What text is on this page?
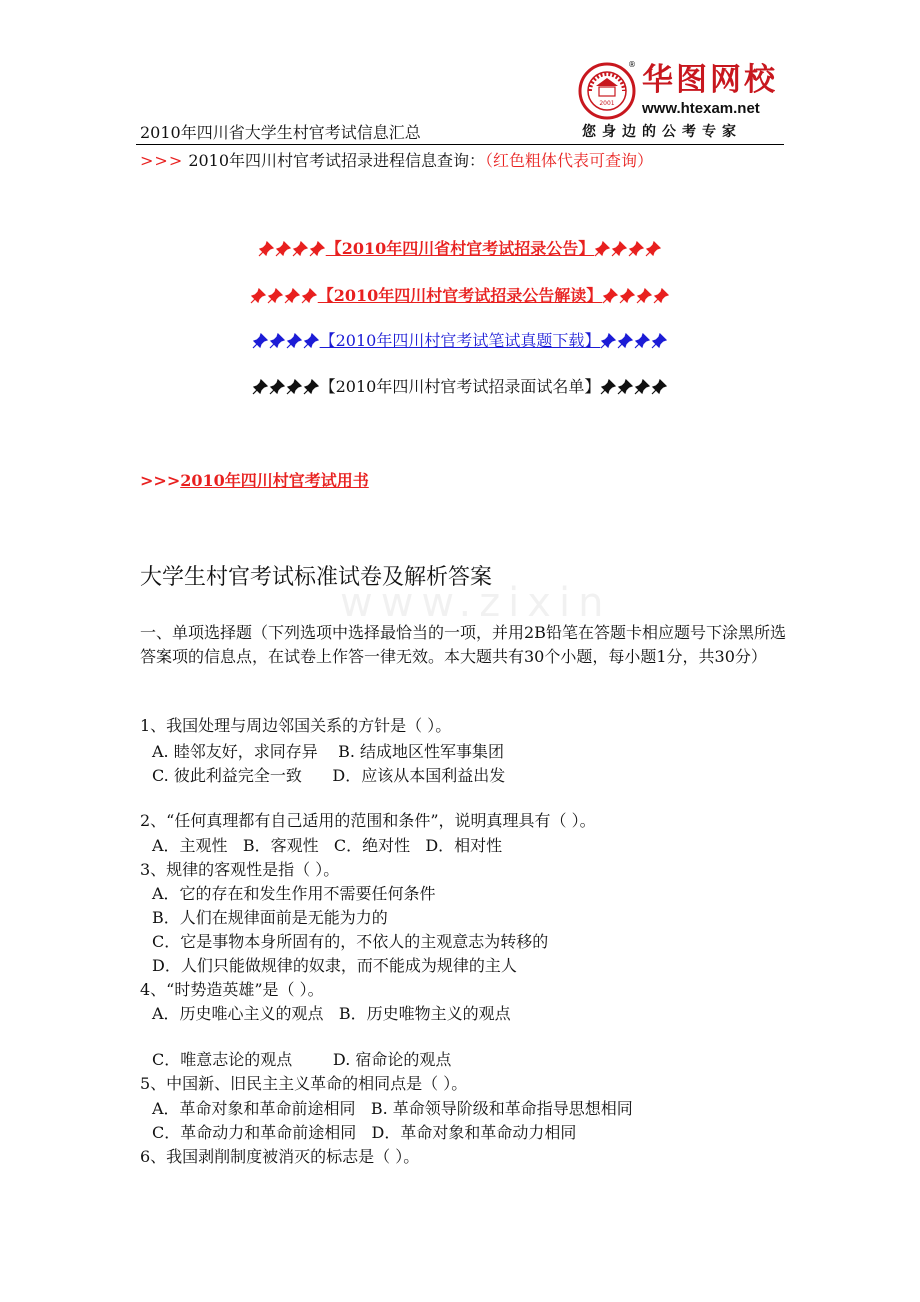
2010年四川省大学生村官考试信息汇总
2001
® 华图网校
www.htexam.net
您身边的公考专家
>>> 2010年四川村官考试招录进程信息查询：（红色粗体代表可查询）
【2010年四川省村官考试招录公告】
【2010年四川村官考试招录公告解读】
【2010年四川村官考试笔试真题下载】
【2010年四川村官考试招录面试名单】
>>>2010年四川村官考试用书
www.zixin
大学生村官考试标准试卷及解析答案
一、单项选择题（下列选项中选择最恰当的一项，并用2B铅笔在答题卡相应题号下涂黑所选答案项的信息点，在试卷上作答一律无效。本大题共有30个小题，每小题1分，共30分）
1、我国处理与周边邻国关系的方针是（ ）。
A. 睦邻友好，求同存异    B. 结成地区性军事集团
C. 彼此利益完全一致      D．应该从本国利益出发
2、“任何真理都有自己适用的范围和条件”，说明真理具有（ ）。
A．主观性   B．客观性   C．绝对性   D．相对性
3、规律的客观性是指（ ）。
A．它的存在和发生作用不需要任何条件
B．人们在规律面前是无能为力的
C．它是事物本身所固有的，不依人的主观意志为转移的
D．人们只能做规律的奴隶，而不能成为规律的主人
4、“时势造英雄”是（ ）。
A．历史唯心主义的观点   B．历史唯物主义的观点
C．唯意志论的观点        D. 宿命论的观点
5、中国新、旧民主主义革命的相同点是（ ）。
A．革命对象和革命前途相同   B. 革命领导阶级和革命指导思想相同
C．革命动力和革命前途相同   D．革命对象和革命动力相同
6、我国剥削制度被消灭的标志是（ ）。
